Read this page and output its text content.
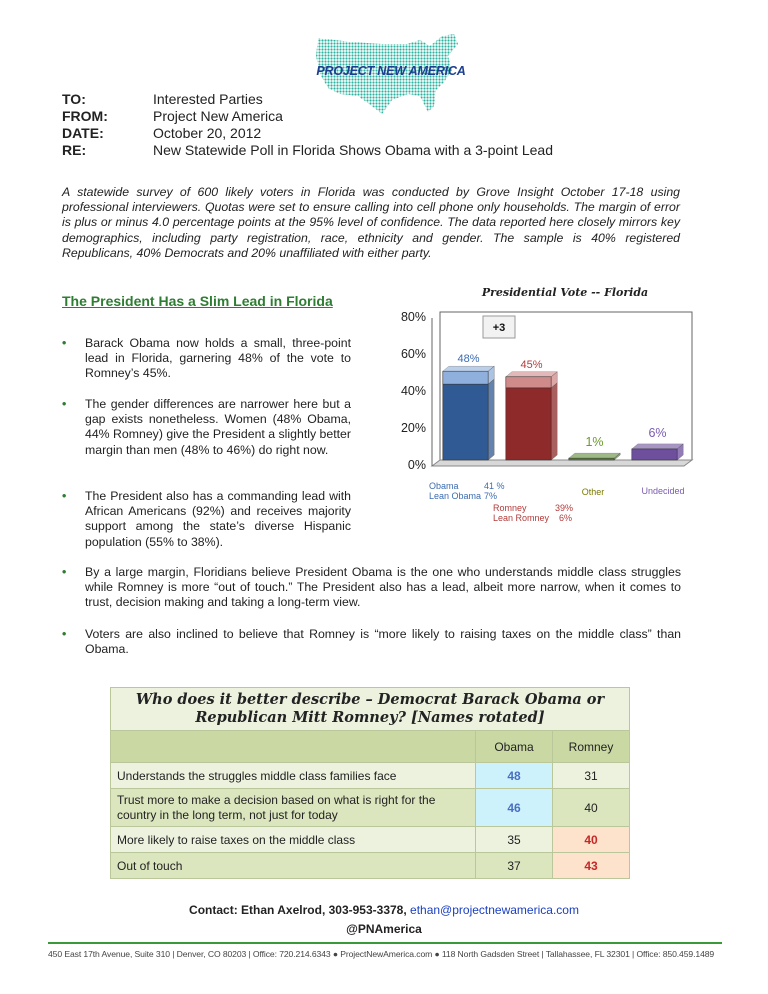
PROJECT NEW AMERICA
TO:	Interested Parties
FROM:	Project New America
DATE:	October 20, 2012
RE:	New Statewide Poll in Florida Shows Obama with a 3-point Lead
A statewide survey of 600 likely voters in Florida was conducted by Grove Insight October 17-18 using professional interviewers. Quotas were set to ensure calling into cell phone only households. The margin of error is plus or minus 4.0 percentage points at the 95% level of confidence. The data reported here closely mirrors key demographics, including party registration, race, ethnicity and gender. The sample is 40% registered Republicans, 40% Democrats and 20% unaffiliated with either party.
The President Has a Slim Lead in Florida
• Barack Obama now holds a small, three-point lead in Florida, garnering 48% of the vote to Romney’s 45%.
• The gender differences are narrower here but a gap exists nonetheless. Women (48% Obama, 44% Romney) give the President a slightly better margin than men (48% to 46%) do right now.
• The President also has a commanding lead with African Americans (92%) and receives majority support among the state’s diverse Hispanic population (55% to 38%).
• By a large margin, Floridians believe President Obama is the one who understands middle class struggles while Romney is more “out of touch.” The President also has a lead, albeit more narrow, when it comes to trust, decision making and taking a long-term view.
• Voters are also inclined to believe that Romney is “more likely to raising taxes on the middle class” than Obama.
Presidential Vote -- Florida
80%
60%
40%
20%
0%
48%	45%
1%
6%
+3
Obama	41 %
Lean Obama 7%
Romney	39%
Lean Romney 6%
Other	Undecided
Who does it better describe – Democrat Barack Obama or Republican Mitt Romney? [Names rotated]		
	Obama	Romney
Understands the struggles middle class families face	48	31
Trust more to make a decision based on what is right for the country in the long term, not just for today	46	40
More likely to raise taxes on the middle class	35	40
Out of touch	37	43
Contact: Ethan Axelrod, 303-953-3378, ethan@projectnewamerica.com
@PNAmerica
450 East 17th Avenue, Suite 310 | Denver, CO 80203 | Office: 720.214.6343 ● ProjectNewAmerica.com ● 118 North Gadsden Street | Tallahassee, FL 32301 | Office: 850.459.1489
